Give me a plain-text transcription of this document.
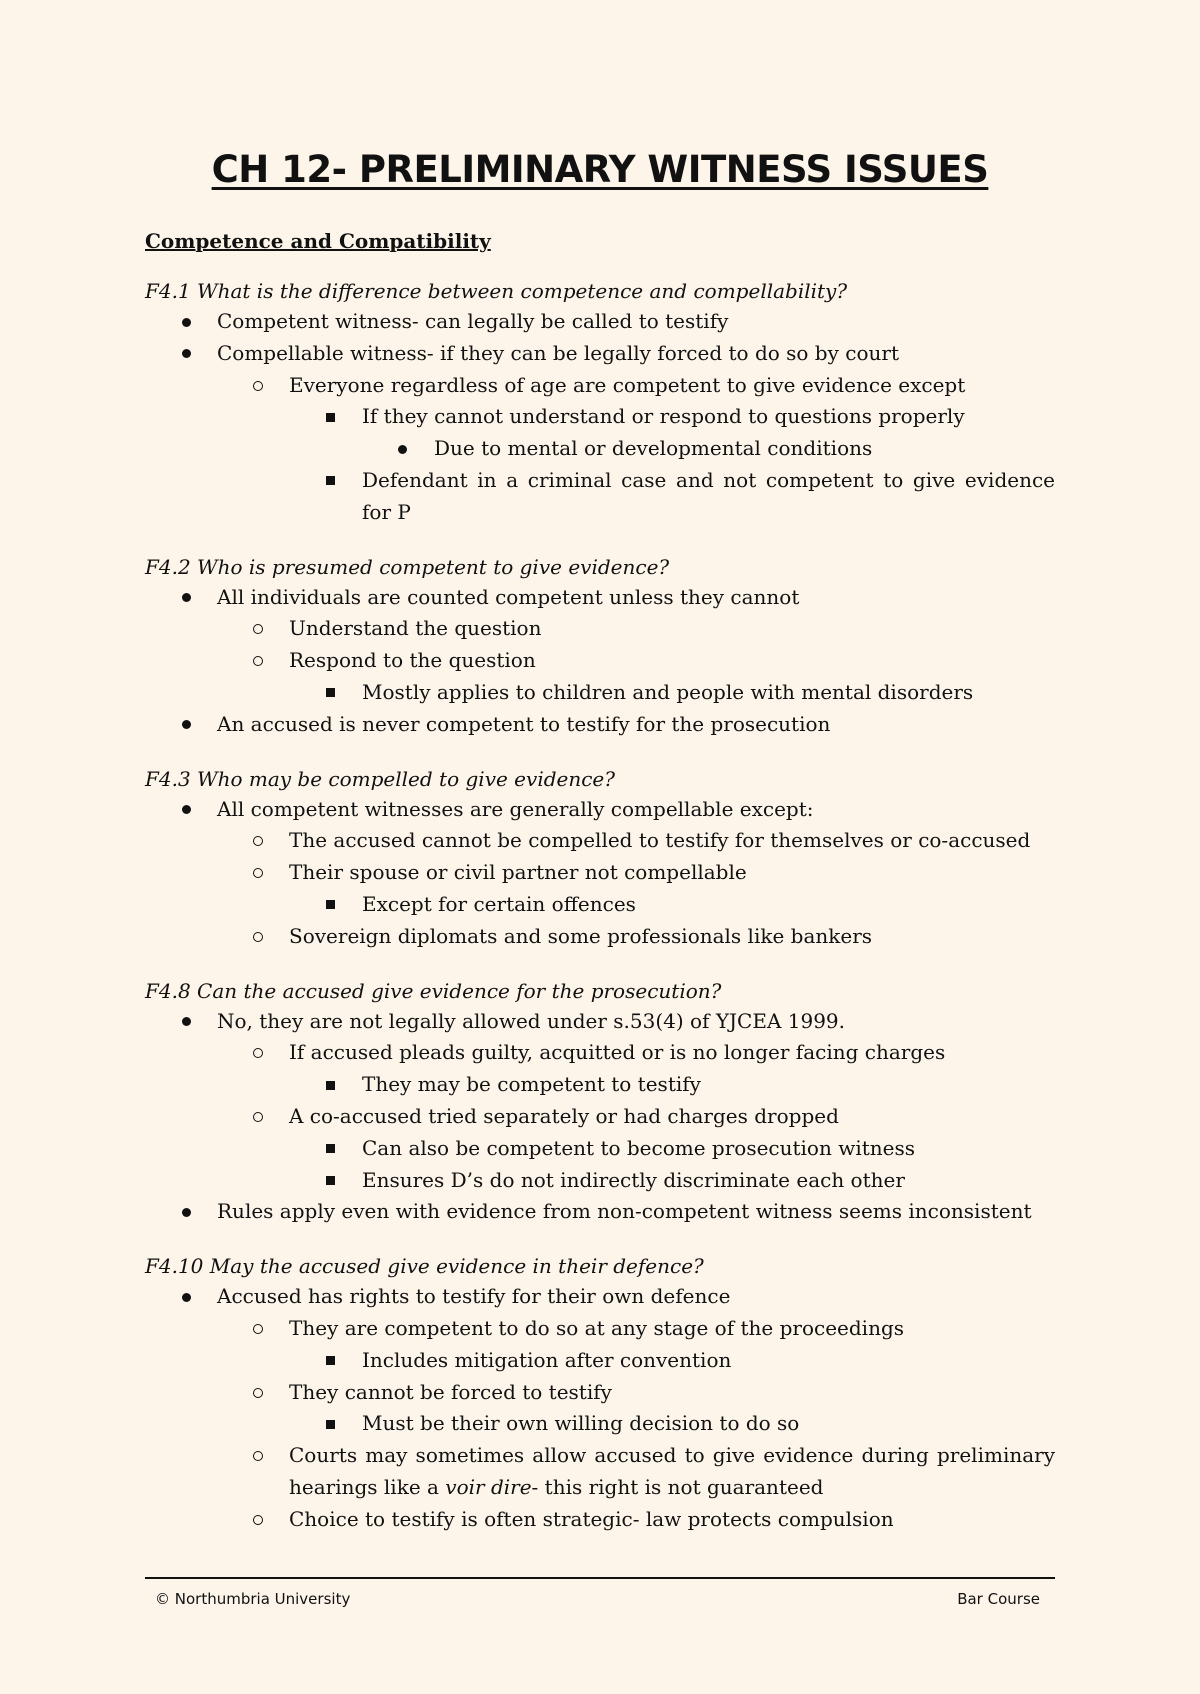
CH 12- PRELIMINARY WITNESS ISSUES
Competence and Compatibility
F4.1 What is the difference between competence and compellability?
Competent witness- can legally be called to testify
Compellable witness- if they can be legally forced to do so by court
Everyone regardless of age are competent to give evidence except
If they cannot understand or respond to questions properly
Due to mental or developmental conditions
Defendant in a criminal case and not competent to give evidence for P
F4.2 Who is presumed competent to give evidence?
All individuals are counted competent unless they cannot
Understand the question
Respond to the question
Mostly applies to children and people with mental disorders
An accused is never competent to testify for the prosecution
F4.3 Who may be compelled to give evidence?
All competent witnesses are generally compellable except:
The accused cannot be compelled to testify for themselves or co-accused
Their spouse or civil partner not compellable
Except for certain offences
Sovereign diplomats and some professionals like bankers
F4.8 Can the accused give evidence for the prosecution?
No, they are not legally allowed under s.53(4) of YJCEA 1999.
If accused pleads guilty, acquitted or is no longer facing charges
They may be competent to testify
A co-accused tried separately or had charges dropped
Can also be competent to become prosecution witness
Ensures D’s do not indirectly discriminate each other
Rules apply even with evidence from non-competent witness seems inconsistent
F4.10 May the accused give evidence in their defence?
Accused has rights to testify for their own defence
They are competent to do so at any stage of the proceedings
Includes mitigation after convention
They cannot be forced to testify
Must be their own willing decision to do so
Courts may sometimes allow accused to give evidence during preliminary hearings like a voir dire- this right is not guaranteed
Choice to testify is often strategic- law protects compulsion
© Northumbria University	Bar Course
